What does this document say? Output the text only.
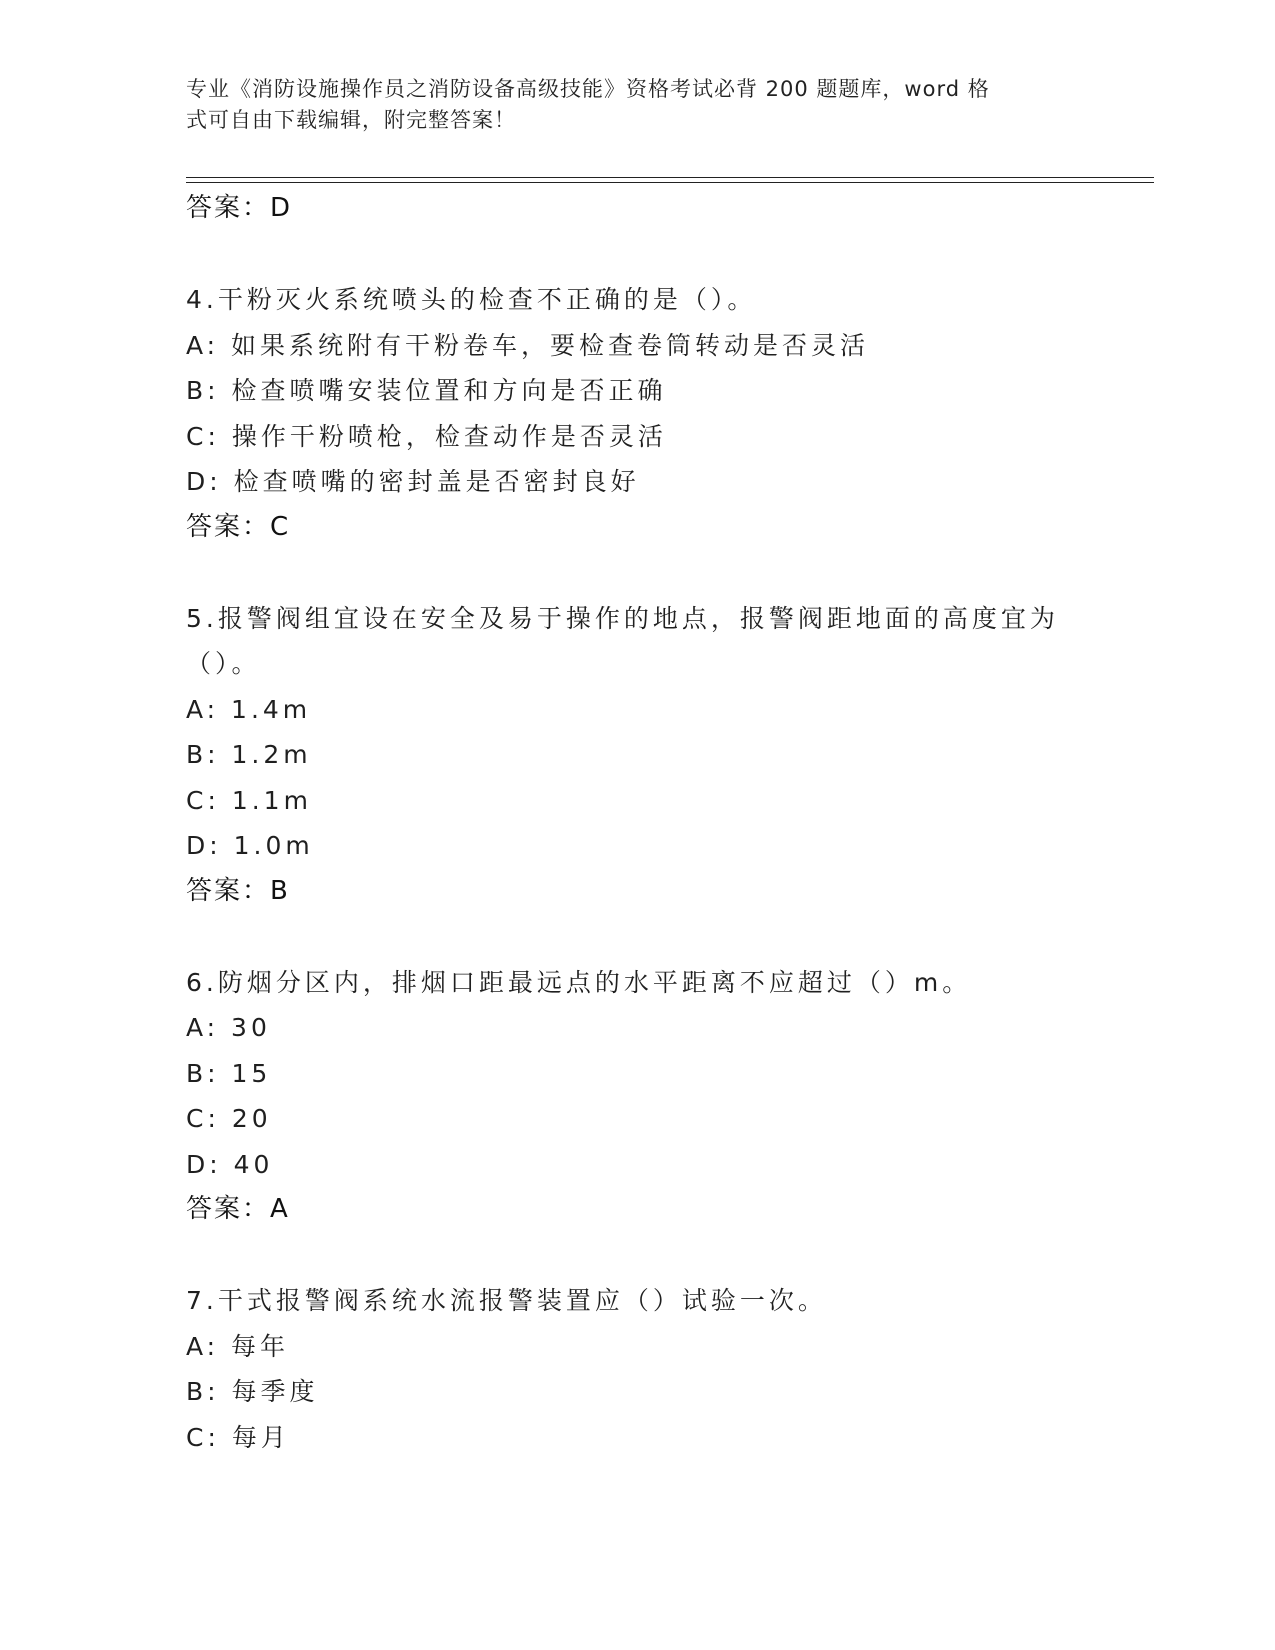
专业《消防设施操作员之消防设备高级技能》资格考试必背 200 题题库，word 格
式可自由下载编辑，附完整答案！
答案：D
4.干粉灭火系统喷头的检查不正确的是（）。
A: 如果系统附有干粉卷车，要检查卷筒转动是否灵活
B: 检查喷嘴安装位置和方向是否正确
C: 操作干粉喷枪，检查动作是否灵活
D: 检查喷嘴的密封盖是否密封良好
答案：C
5.报警阀组宜设在安全及易于操作的地点，报警阀距地面的高度宜为
（）。
A: 1.4m
B: 1.2m
C: 1.1m
D: 1.0m
答案：B
6.防烟分区内，排烟口距最远点的水平距离不应超过（）m。
A: 30
B: 15
C: 20
D: 40
答案：A
7.干式报警阀系统水流报警装置应（）试验一次。
A: 每年
B: 每季度
C: 每月
